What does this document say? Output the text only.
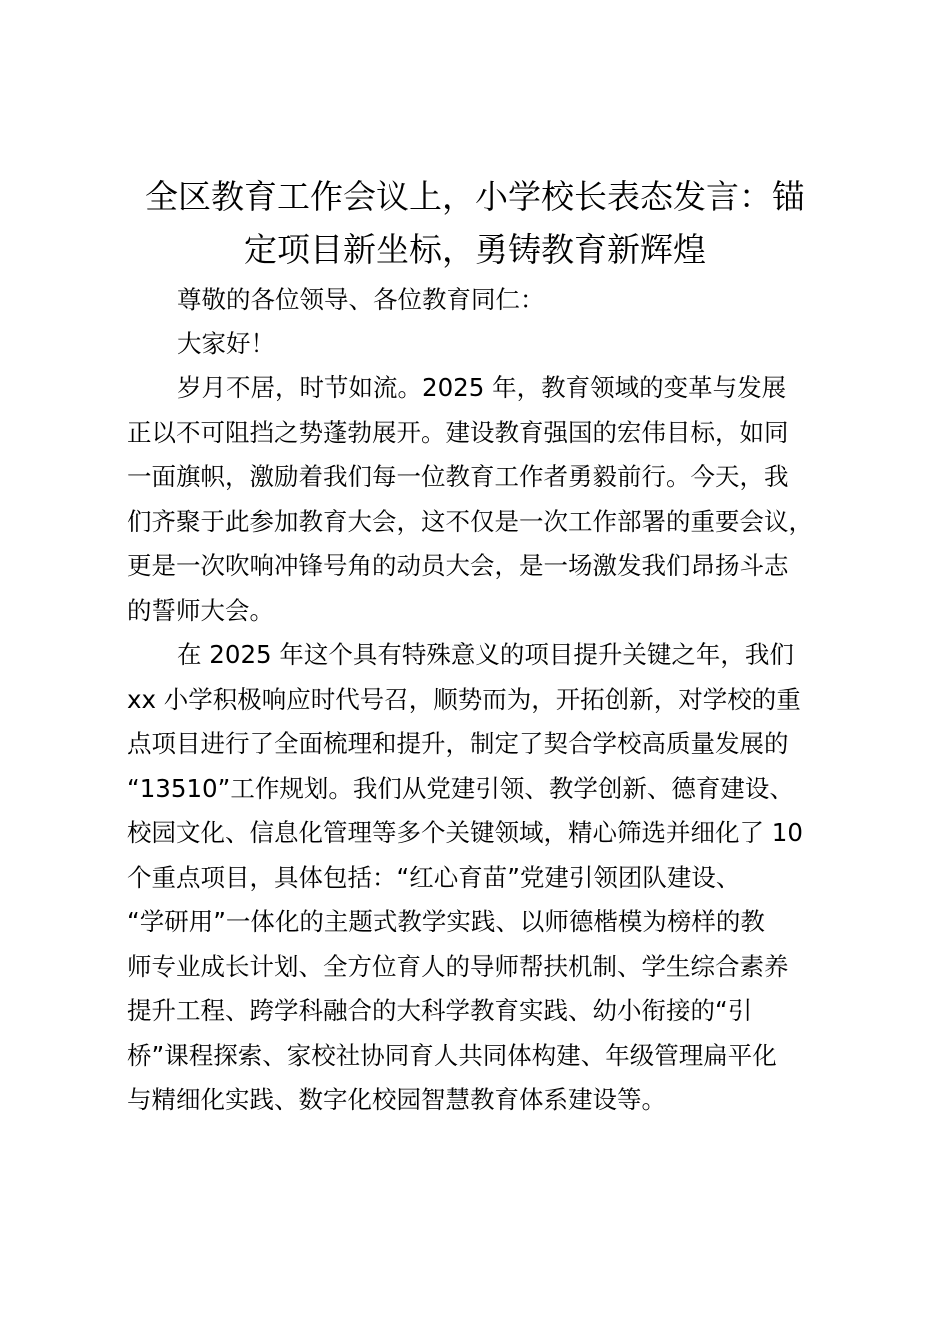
全区教育工作会议上，小学校长表态发言：锚
定项目新坐标，勇铸教育新辉煌

尊敬的各位领导、各位教育同仁：

大家好！

岁月不居，时节如流。2025 年，教育领域的变革与发展
正以不可阻挡之势蓬勃展开。建设教育强国的宏伟目标，如同
一面旗帜，激励着我们每一位教育工作者勇毅前行。今天，我
们齐聚于此参加教育大会，这不仅是一次工作部署的重要会议，
更是一次吹响冲锋号角的动员大会，是一场激发我们昂扬斗志
的誓师大会。
在 2025 年这个具有特殊意义的项目提升关键之年，我们
xx 小学积极响应时代号召，顺势而为，开拓创新，对学校的重
点项目进行了全面梳理和提升，制定了契合学校高质量发展的
“13510”工作规划。我们从党建引领、教学创新、德育建设、
校园文化、信息化管理等多个关键领域，精心筛选并细化了 10
个重点项目，具体包括：“红心育苗”党建引领团队建设、
“学研用”一体化的主题式教学实践、以师德楷模为榜样的教
师专业成长计划、全方位育人的导师帮扶机制、学生综合素养
提升工程、跨学科融合的大科学教育实践、幼小衔接的“引
桥”课程探索、家校社协同育人共同体构建、年级管理扁平化
与精细化实践、数字化校园智慧教育体系建设等。
